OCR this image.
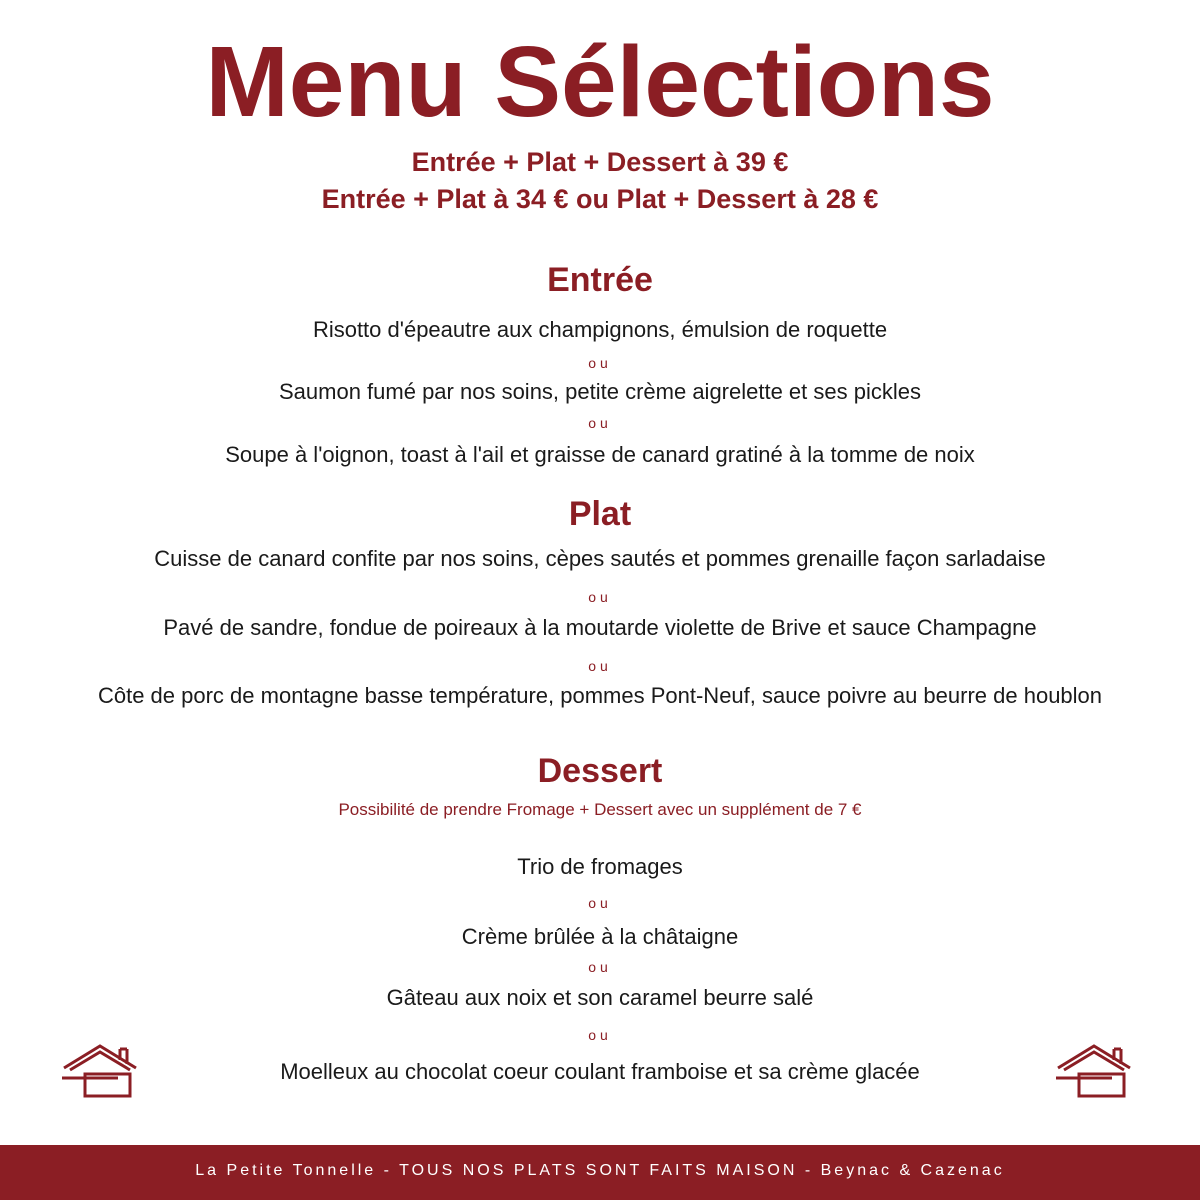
Menu Sélections
Entrée + Plat + Dessert à 39 €
Entrée + Plat à 34 € ou Plat + Dessert à 28 €
Entrée
Risotto d'épeautre aux champignons, émulsion de roquette
ou
Saumon fumé par nos soins, petite crème aigrelette et ses pickles
ou
Soupe à l'oignon, toast à l'ail et graisse de canard gratiné à la tomme de noix
Plat
Cuisse de canard confite par nos soins, cèpes sautés et pommes grenaille façon sarladaise
ou
Pavé de sandre, fondue de poireaux à la moutarde violette de Brive et sauce Champagne
ou
Côte de porc de montagne basse température, pommes Pont-Neuf, sauce poivre au beurre de houblon
Dessert
Possibilité de prendre Fromage + Dessert avec un supplément de 7 €
Trio de fromages
ou
Crème brûlée à la châtaigne
ou
Gâteau aux noix et son caramel beurre salé
ou
Moelleux au chocolat coeur coulant framboise et sa crème glacée
La Petite Tonnelle - TOUS NOS PLATS SONT FAITS MAISON - Beynac & Cazenac
